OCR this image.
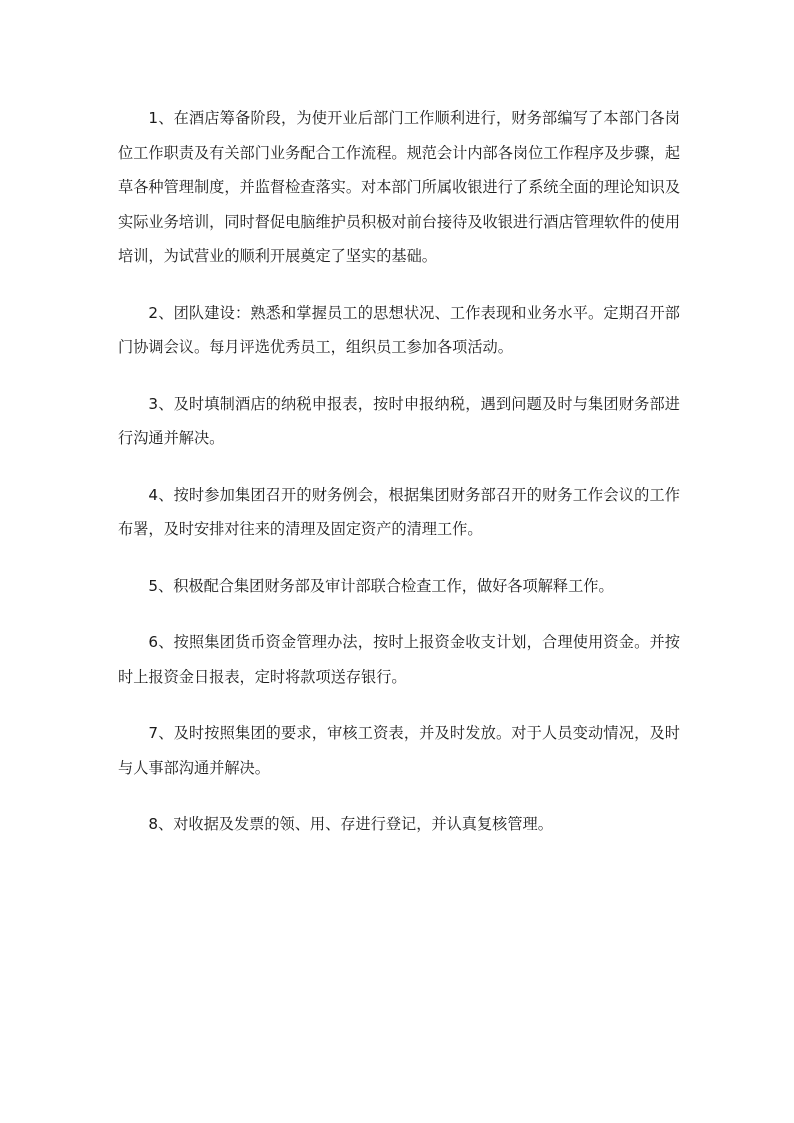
1、在酒店筹备阶段，为使开业后部门工作顺利进行，财务部编写了本部门各岗位工作职责及有关部门业务配合工作流程。规范会计内部各岗位工作程序及步骤，起草各种管理制度，并监督检查落实。对本部门所属收银进行了系统全面的理论知识及实际业务培训，同时督促电脑维护员积极对前台接待及收银进行酒店管理软件的使用培训，为试营业的顺利开展奠定了坚实的基础。

2、团队建设：熟悉和掌握员工的思想状况、工作表现和业务水平。定期召开部门协调会议。每月评选优秀员工，组织员工参加各项活动。

3、及时填制酒店的纳税申报表，按时申报纳税，遇到问题及时与集团财务部进行沟通并解决。

4、按时参加集团召开的财务例会，根据集团财务部召开的财务工作会议的工作布署，及时安排对往来的清理及固定资产的清理工作。

5、积极配合集团财务部及审计部联合检查工作，做好各项解释工作。

6、按照集团货币资金管理办法，按时上报资金收支计划，合理使用资金。并按时上报资金日报表，定时将款项送存银行。

7、及时按照集团的要求，审核工资表，并及时发放。对于人员变动情况，及时与人事部沟通并解决。

8、对收据及发票的领、用、存进行登记，并认真复核管理。
